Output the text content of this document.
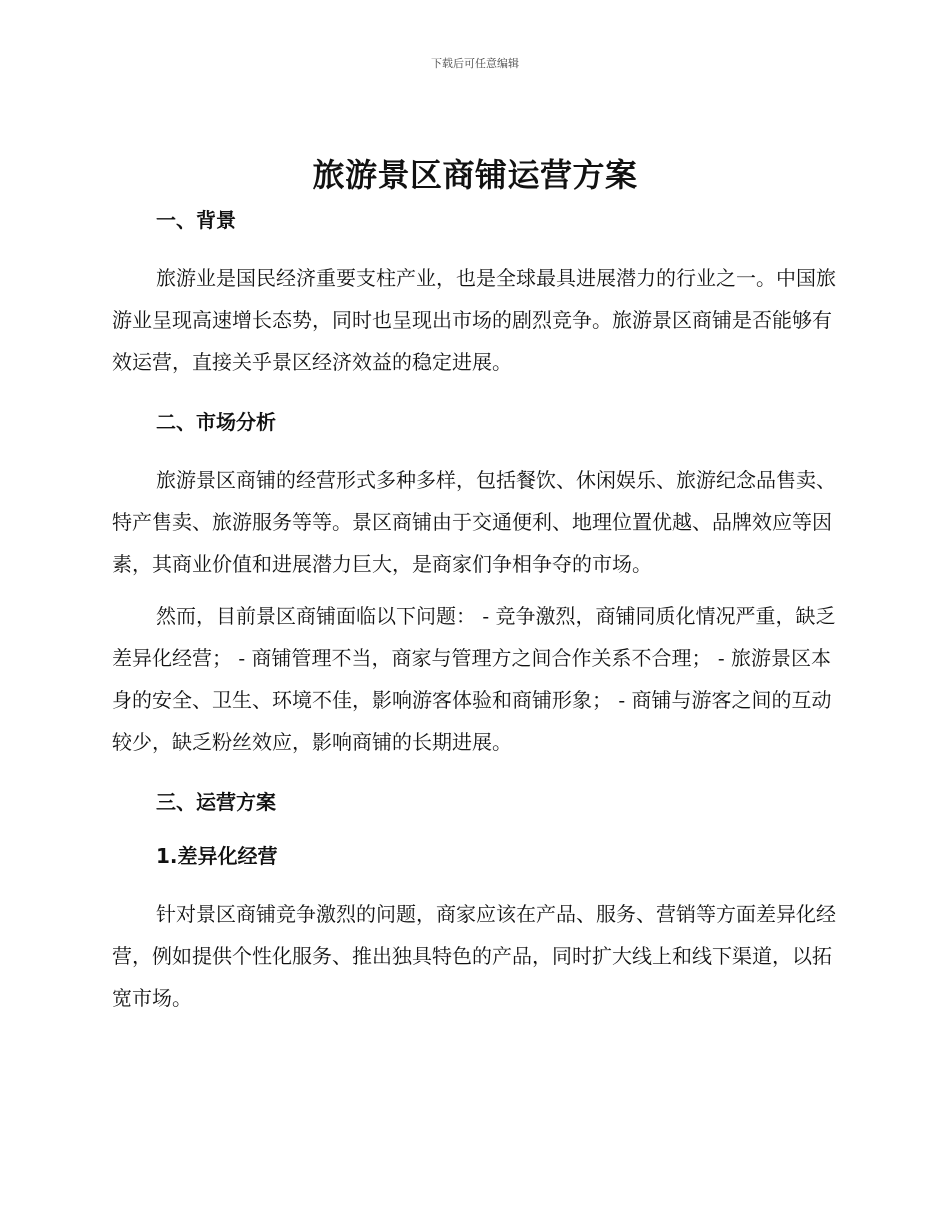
下载后可任意编辑
旅游景区商铺运营方案
一、背景

旅游业是国民经济重要支柱产业，也是全球最具进展潜力的行业之一。中国旅游业呈现高速增长态势，同时也呈现出市场的剧烈竞争。旅游景区商铺是否能够有效运营，直接关乎景区经济效益的稳定进展。

二、市场分析

旅游景区商铺的经营形式多种多样，包括餐饮、休闲娱乐、旅游纪念品售卖、特产售卖、旅游服务等等。景区商铺由于交通便利、地理位置优越、品牌效应等因素，其商业价值和进展潜力巨大，是商家们争相争夺的市场。

然而，目前景区商铺面临以下问题： - 竞争激烈，商铺同质化情况严重，缺乏差异化经营； - 商铺管理不当，商家与管理方之间合作关系不合理； - 旅游景区本身的安全、卫生、环境不佳，影响游客体验和商铺形象； - 商铺与游客之间的互动较少，缺乏粉丝效应，影响商铺的长期进展。

三、运营方案
1.差异化经营

针对景区商铺竞争激烈的问题，商家应该在产品、服务、营销等方面差异化经营，例如提供个性化服务、推出独具特色的产品，同时扩大线上和线下渠道，以拓宽市场。
